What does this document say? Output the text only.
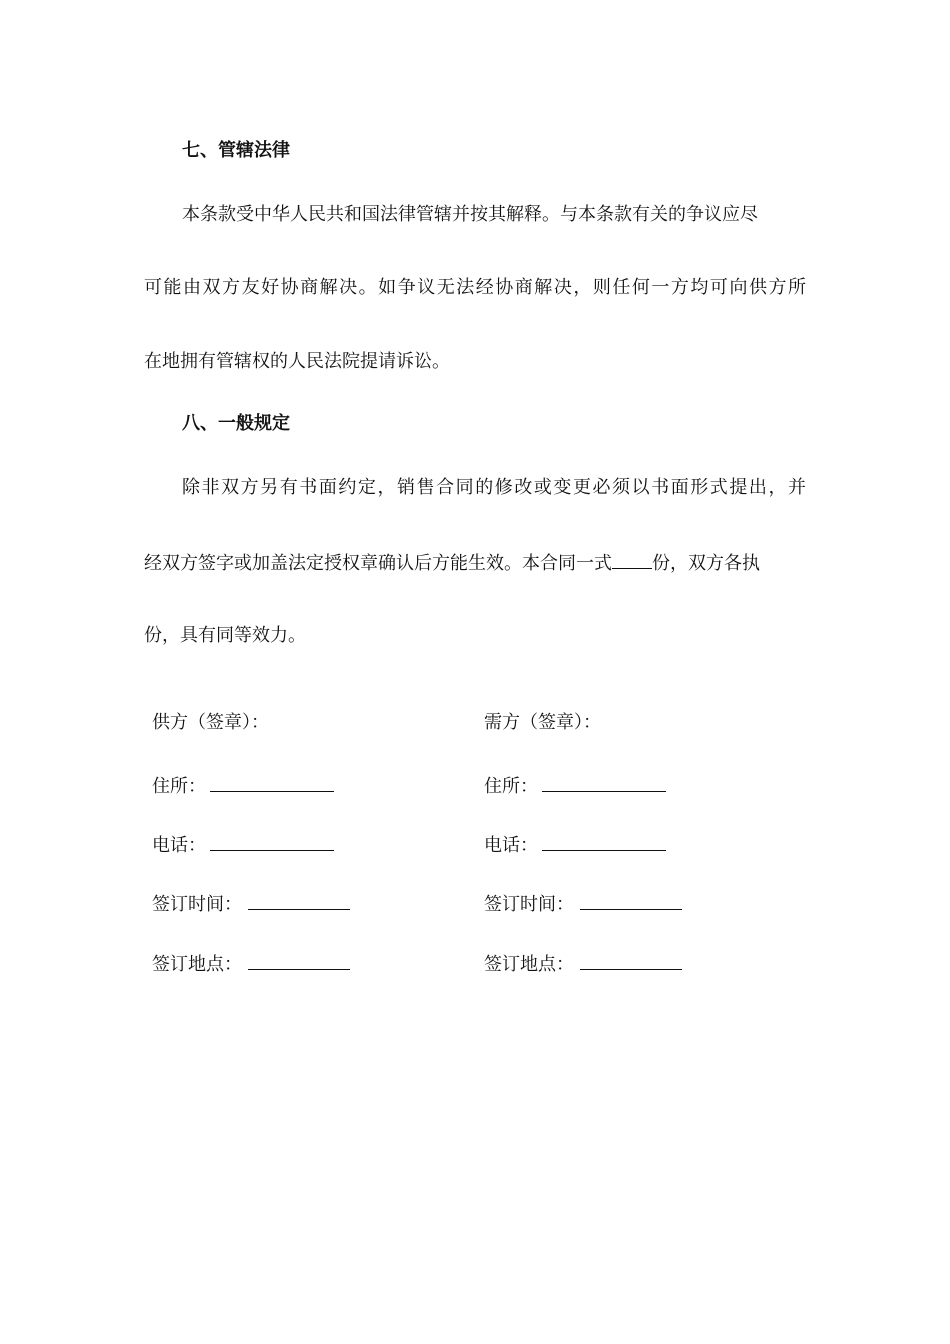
七、管辖法律
本条款受中华人民共和国法律管辖并按其解释。与本条款有关的争议应尽
可能由双方友好协商解决。如争议无法经协商解决，则任何一方均可向供方所
在地拥有管辖权的人民法院提请诉讼。
八、一般规定
除非双方另有书面约定，销售合同的修改或变更必须以书面形式提出，并
经双方签字或加盖法定授权章确认后方能生效。本合同一式 份，双方各执
份，具有同等效力。
供方（签章）：
住所：
电话：
签订时间：
签订地点：
需方（签章）：
住所：
电话：
签订时间：
签订地点：
